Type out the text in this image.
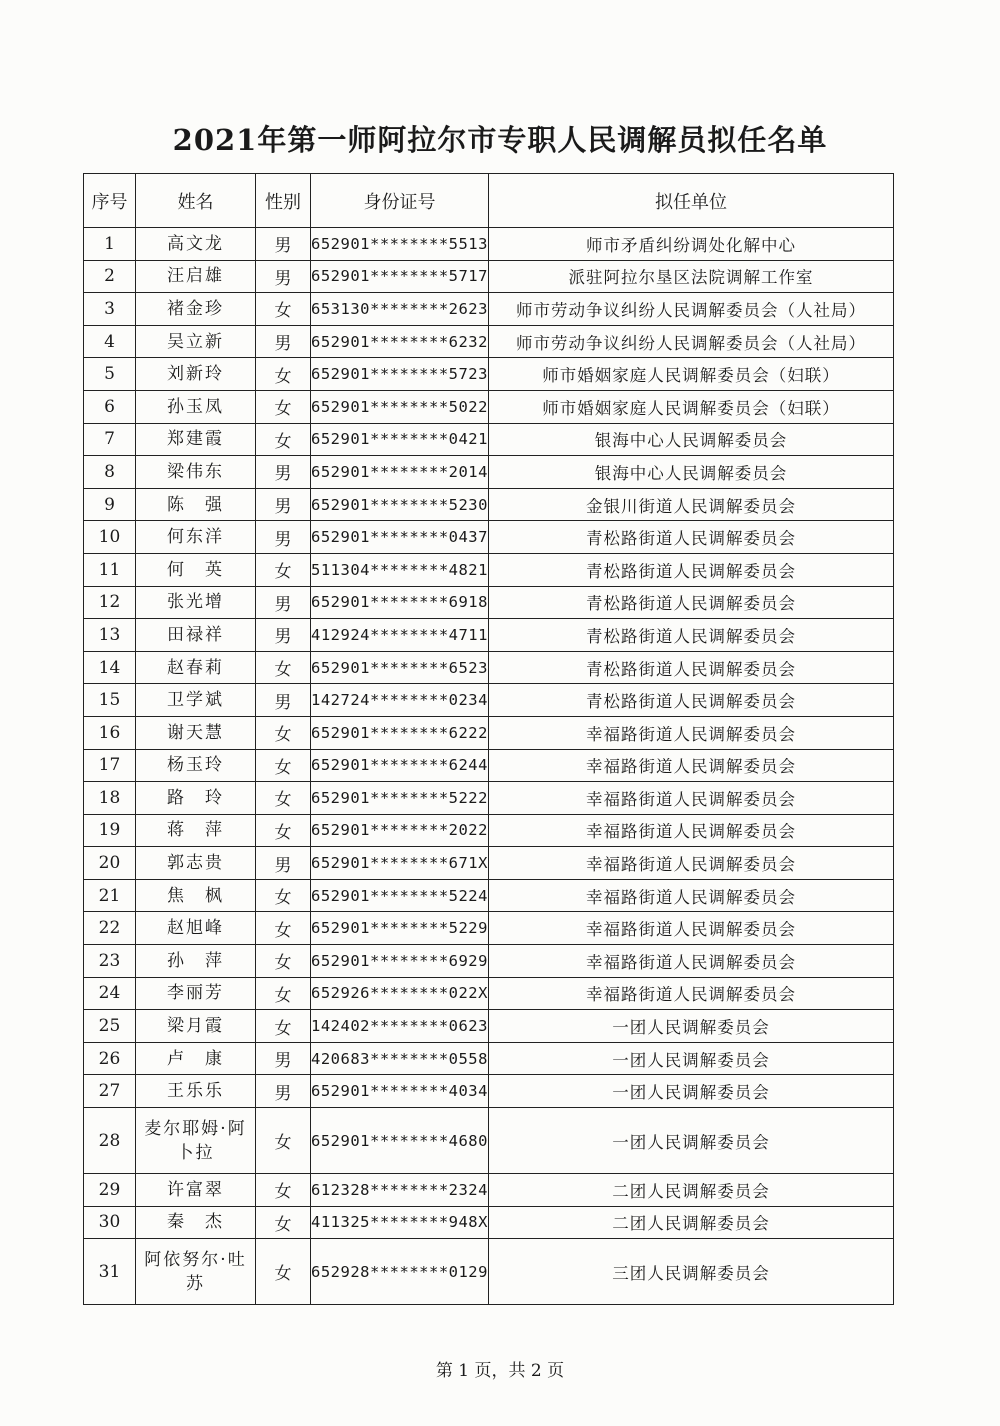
2021年第一师阿拉尔市专职人民调解员拟任名单
序号	姓名	性别	身份证号	拟任单位
1	高文龙	男	652901********5513	师市矛盾纠纷调处化解中心
2	汪启雄	男	652901********5717	派驻阿拉尔垦区法院调解工作室
3	褚金珍	女	653130********2623	师市劳动争议纠纷人民调解委员会（人社局）
4	吴立新	男	652901********6232	师市劳动争议纠纷人民调解委员会（人社局）
5	刘新玲	女	652901********5723	师市婚姻家庭人民调解委员会（妇联）
6	孙玉凤	女	652901********5022	师市婚姻家庭人民调解委员会（妇联）
7	郑建霞	女	652901********0421	银海中心人民调解委员会
8	梁伟东	男	652901********2014	银海中心人民调解委员会
9	陈　强	男	652901********5230	金银川街道人民调解委员会
10	何东洋	男	652901********0437	青松路街道人民调解委员会
11	何　英	女	511304********4821	青松路街道人民调解委员会
12	张光增	男	652901********6918	青松路街道人民调解委员会
13	田禄祥	男	412924********4711	青松路街道人民调解委员会
14	赵春莉	女	652901********6523	青松路街道人民调解委员会
15	卫学斌	男	142724********0234	青松路街道人民调解委员会
16	谢天慧	女	652901********6222	幸福路街道人民调解委员会
17	杨玉玲	女	652901********6244	幸福路街道人民调解委员会
18	路　玲	女	652901********5222	幸福路街道人民调解委员会
19	蒋　萍	女	652901********2022	幸福路街道人民调解委员会
20	郭志贵	男	652901********671X	幸福路街道人民调解委员会
21	焦　枫	女	652901********5224	幸福路街道人民调解委员会
22	赵旭峰	女	652901********5229	幸福路街道人民调解委员会
23	孙　萍	女	652901********6929	幸福路街道人民调解委员会
24	李丽芳	女	652926********022X	幸福路街道人民调解委员会
25	梁月霞	女	142402********0623	一团人民调解委员会
26	卢　康	男	420683********0558	一团人民调解委员会
27	王乐乐	男	652901********4034	一团人民调解委员会
28	麦尔耶姆·阿卜拉	女	652901********4680	一团人民调解委员会
29	许富翠	女	612328********2324	二团人民调解委员会
30	秦　杰	女	411325********948X	二团人民调解委员会
31	阿依努尔·吐苏	女	652928********0129	三团人民调解委员会
第 1 页，共 2 页
